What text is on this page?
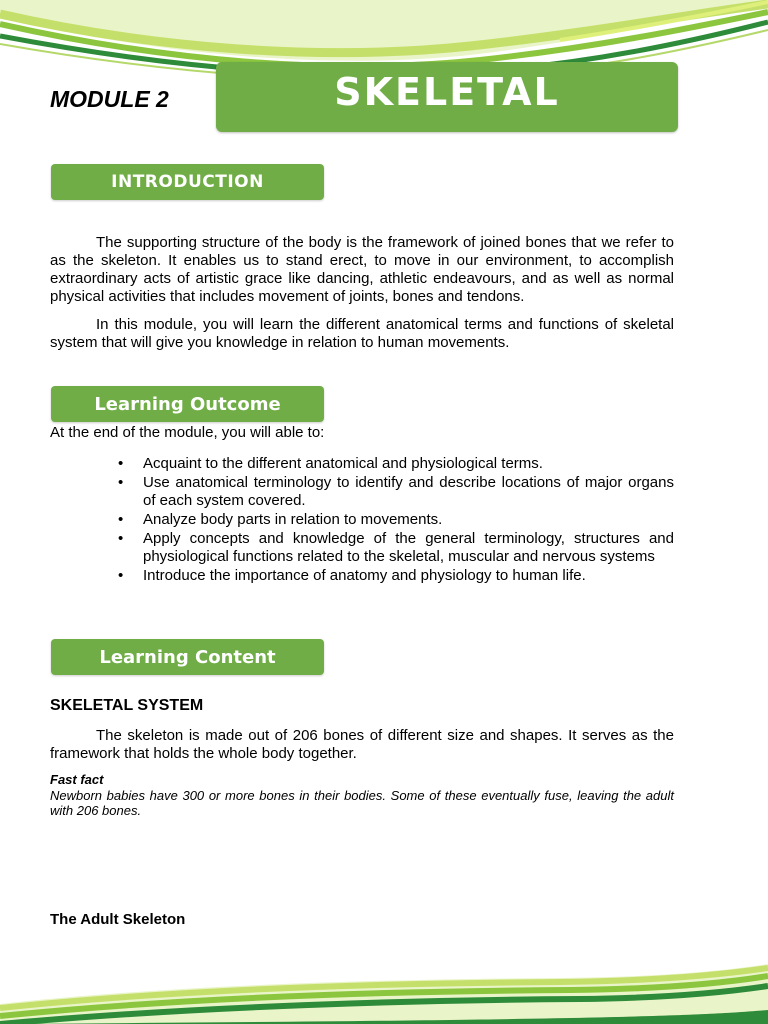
MODULE 2	SKELETAL
INTRODUCTION

The supporting structure of the body is the framework of joined bones that we refer to as the skeleton. It enables us to stand erect, to move in our environment, to accomplish extraordinary acts of artistic grace like dancing, athletic endeavours, and as well as normal physical activities that includes movement of joints, bones and tendons.

In this module, you will learn the different anatomical terms and functions of skeletal system that will give you knowledge in relation to human movements.

Learning Outcome
At the end of the module, you will able to:
• Acquaint to the different anatomical and physiological terms.
• Use anatomical terminology to identify and describe locations of major organs of each system covered.
• Analyze body parts in relation to movements.
• Apply concepts and knowledge of the general terminology, structures and physiological functions related to the skeletal, muscular and nervous systems
• Introduce the importance of anatomy and physiology to human life.
Learning Content
SKELETAL SYSTEM

The skeleton is made out of 206 bones of different size and shapes. It serves as the framework that holds the whole body together.

Fast fact
Newborn babies have 300 or more bones in their bodies. Some of these eventually fuse, leaving the adult with 206 bones.
The Adult Skeleton
